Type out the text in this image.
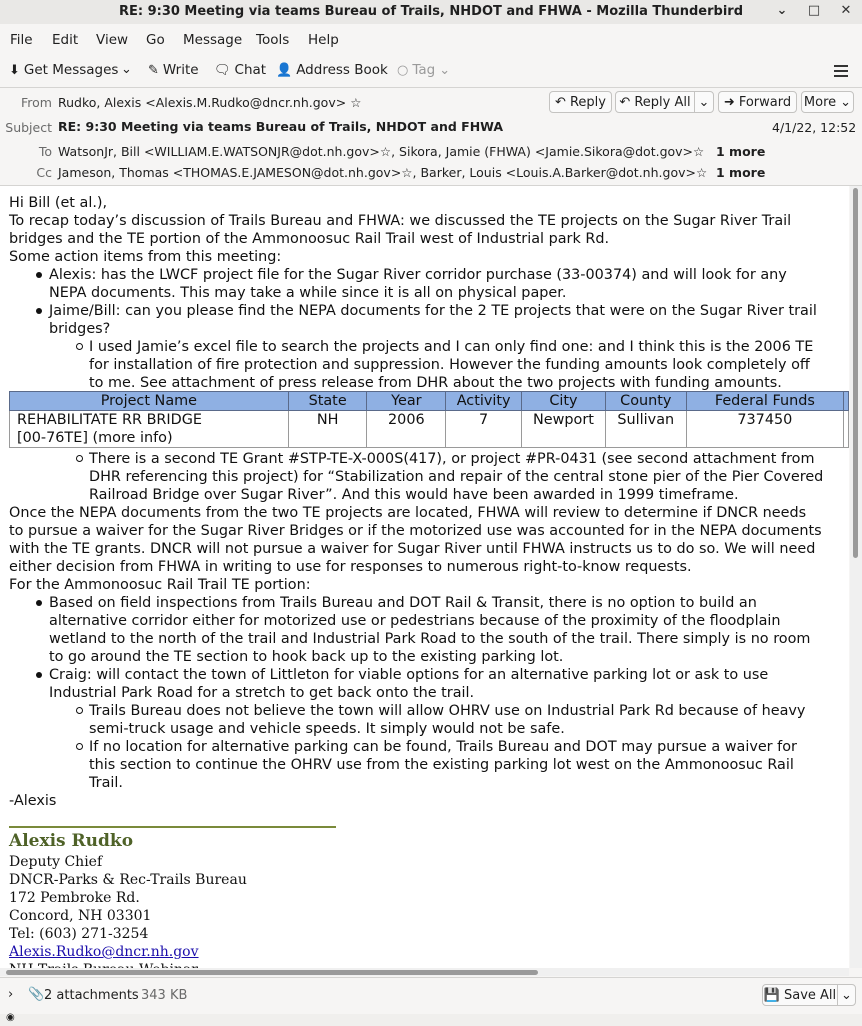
RE: 9:30 Meeting via teams Bureau of Trails, NHDOT and FHWA - Mozilla Thunderbird	⌄	□	✕
File Edit View Go Message Tools Help
⬇ Get Messages ⌄ ✎ Write 🗨 Chat 👤 Address Book ○ Tag ⌄
From Rudko, Alexis <Alexis.M.Rudko@dncr.nh.gov> ☆	↶ Reply ↶ Reply All ⌄ ➜ Forward More ⌄
Subject RE: 9:30 Meeting via teams Bureau of Trails, NHDOT and FHWA	4/1/22, 12:52
To WatsonJr, Bill <WILLIAM.E.WATSONJR@dot.nh.gov>☆, Sikora, Jamie (FHWA) <Jamie.Sikora@dot.gov>☆ 1 more
Cc Jameson, Thomas <THOMAS.E.JAMESON@dot.nh.gov>☆, Barker, Louis <Louis.A.Barker@dot.nh.gov>☆ 1 more
Hi Bill (et al.),
To recap today’s discussion of Trails Bureau and FHWA: we discussed the TE projects on the Sugar River Trail
bridges and the TE portion of the Ammonoosuc Rail Trail west of Industrial park Rd.
Some action items from this meeting:
Alexis: has the LWCF project file for the Sugar River corridor purchase (33-00374) and will look for any
NEPA documents. This may take a while since it is all on physical paper.
Jaime/Bill: can you please find the NEPA documents for the 2 TE projects that were on the Sugar River trail
bridges?
I used Jamie’s excel file to search the projects and I can only find one: and I think this is the 2006 TE
for installation of fire protection and suppression. However the funding amounts look completely off
to me. See attachment of press release from DHR about the two projects with funding amounts.
Project Name	State	Year	Activity	City	County	Federal Funds	

REHABILITATE RR BRIDGE
[00-76TE] (more info)	NH	2006	7	Newport	Sullivan	737450	
There is a second TE Grant #STP-TE-X-000S(417), or project #PR-0431 (see second attachment from
DHR referencing this project) for “Stabilization and repair of the central stone pier of the Pier Covered
Railroad Bridge over Sugar River”. And this would have been awarded in 1999 timeframe.
Once the NEPA documents from the two TE projects are located, FHWA will review to determine if DNCR needs
to pursue a waiver for the Sugar River Bridges or if the motorized use was accounted for in the NEPA documents
with the TE grants. DNCR will not pursue a waiver for Sugar River until FHWA instructs us to do so. We will need
either decision from FHWA in writing to use for responses to numerous right-to-know requests.
For the Ammonoosuc Rail Trail TE portion:
Based on field inspections from Trails Bureau and DOT Rail & Transit, there is no option to build an
alternative corridor either for motorized use or pedestrians because of the proximity of the floodplain
wetland to the north of the trail and Industrial Park Road to the south of the trail. There simply is no room
to go around the TE section to hook back up to the existing parking lot.
Craig: will contact the town of Littleton for viable options for an alternative parking lot or ask to use
Industrial Park Road for a stretch to get back onto the trail.
Trails Bureau does not believe the town will allow OHRV use on Industrial Park Rd because of heavy
semi-truck usage and vehicle speeds. It simply would not be safe.
If no location for alternative parking can be found, Trails Bureau and DOT may pursue a waiver for
this section to continue the OHRV use from the existing parking lot west on the Ammonoosuc Rail
Trail.
-Alexis
Alexis Rudko
Deputy Chief
DNCR-Parks & Rec-Trails Bureau
172 Pembroke Rd.
Concord, NH 03301
Tel: (603) 271-3254
Alexis.Rudko@dncr.nh.gov
› 📎 2 attachments 343 KB	💾 Save All ⌄
◉
